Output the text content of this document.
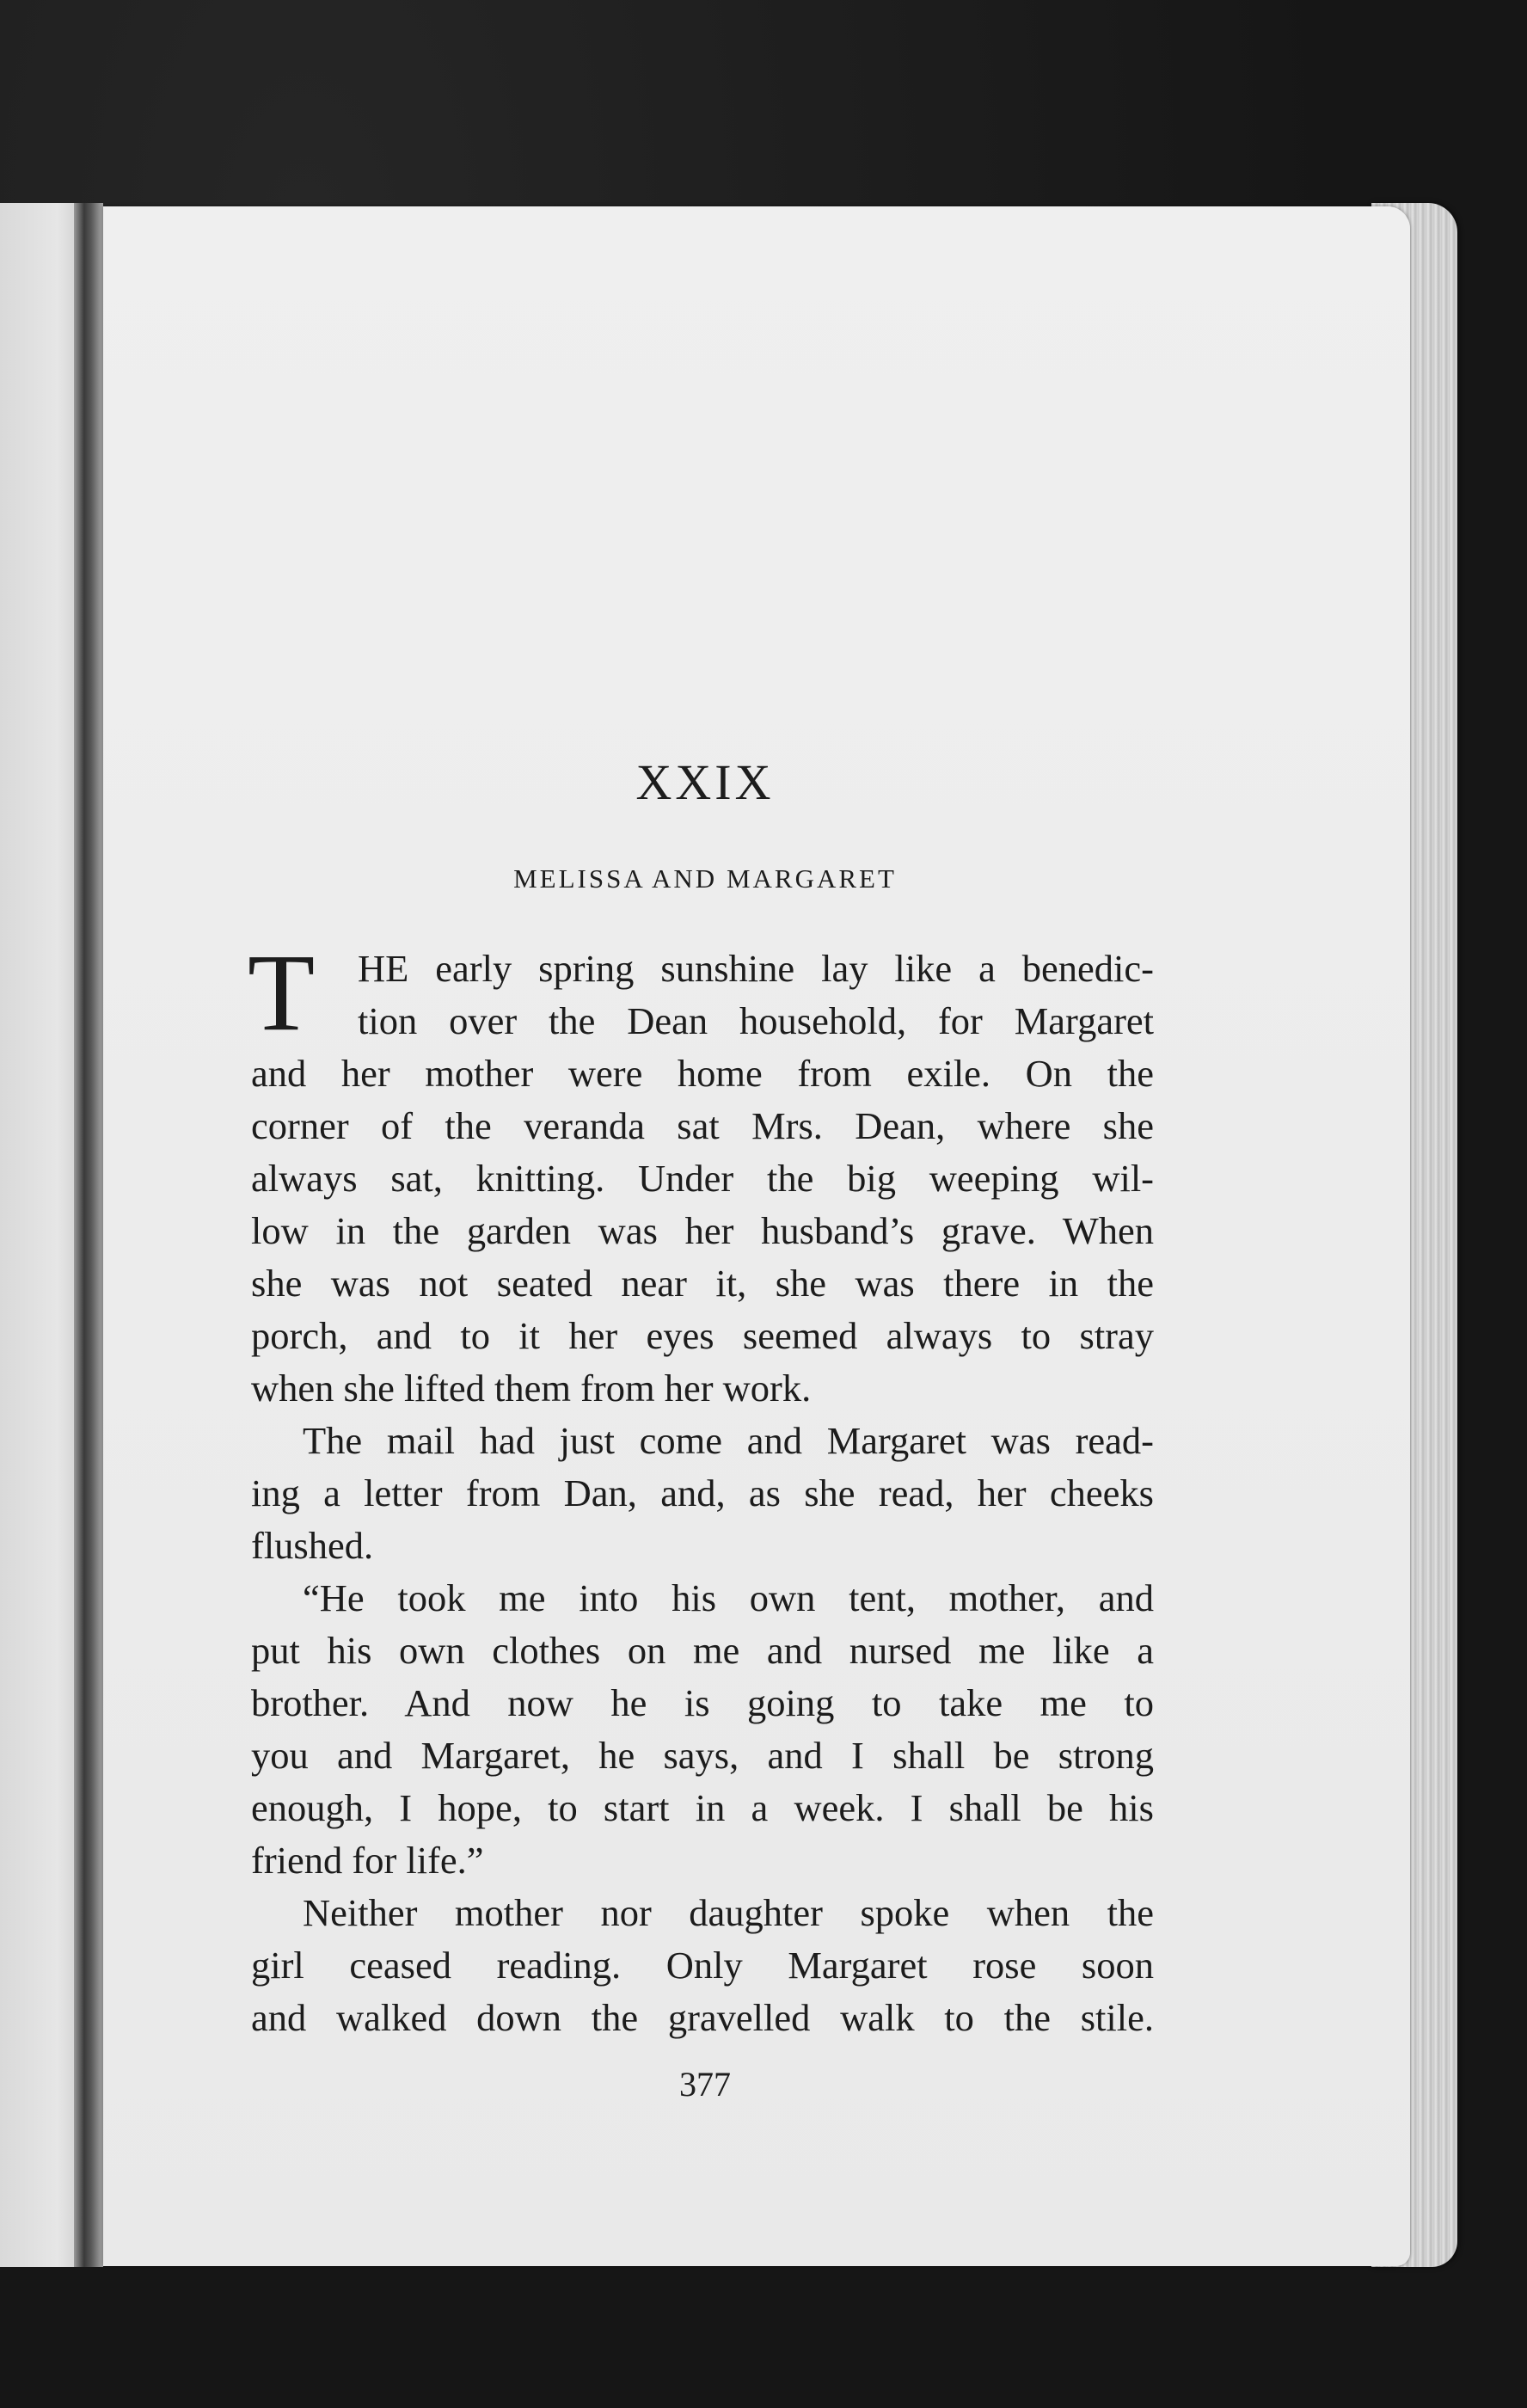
XXIX
MELISSA AND MARGARET
T	HE early spring sunshine lay like a benedic-
tion over the Dean household, for Margaret
and her mother were home from exile. On the
corner of the veranda sat Mrs. Dean, where she
always sat, knitting. Under the big weeping wil-
low in the garden was her husband’s grave. When
she was not seated near it, she was there in the
porch, and to it her eyes seemed always to stray
when she lifted them from her work.
The mail had just come and Margaret was read-
ing a letter from Dan, and, as she read, her cheeks
flushed.
“He took me into his own tent, mother, and
put his own clothes on me and nursed me like a
brother. And now he is going to take me to
you and Margaret, he says, and I shall be strong
enough, I hope, to start in a week. I shall be his
friend for life.”
Neither mother nor daughter spoke when the
girl ceased reading. Only Margaret rose soon
and walked down the gravelled walk to the stile.
377
